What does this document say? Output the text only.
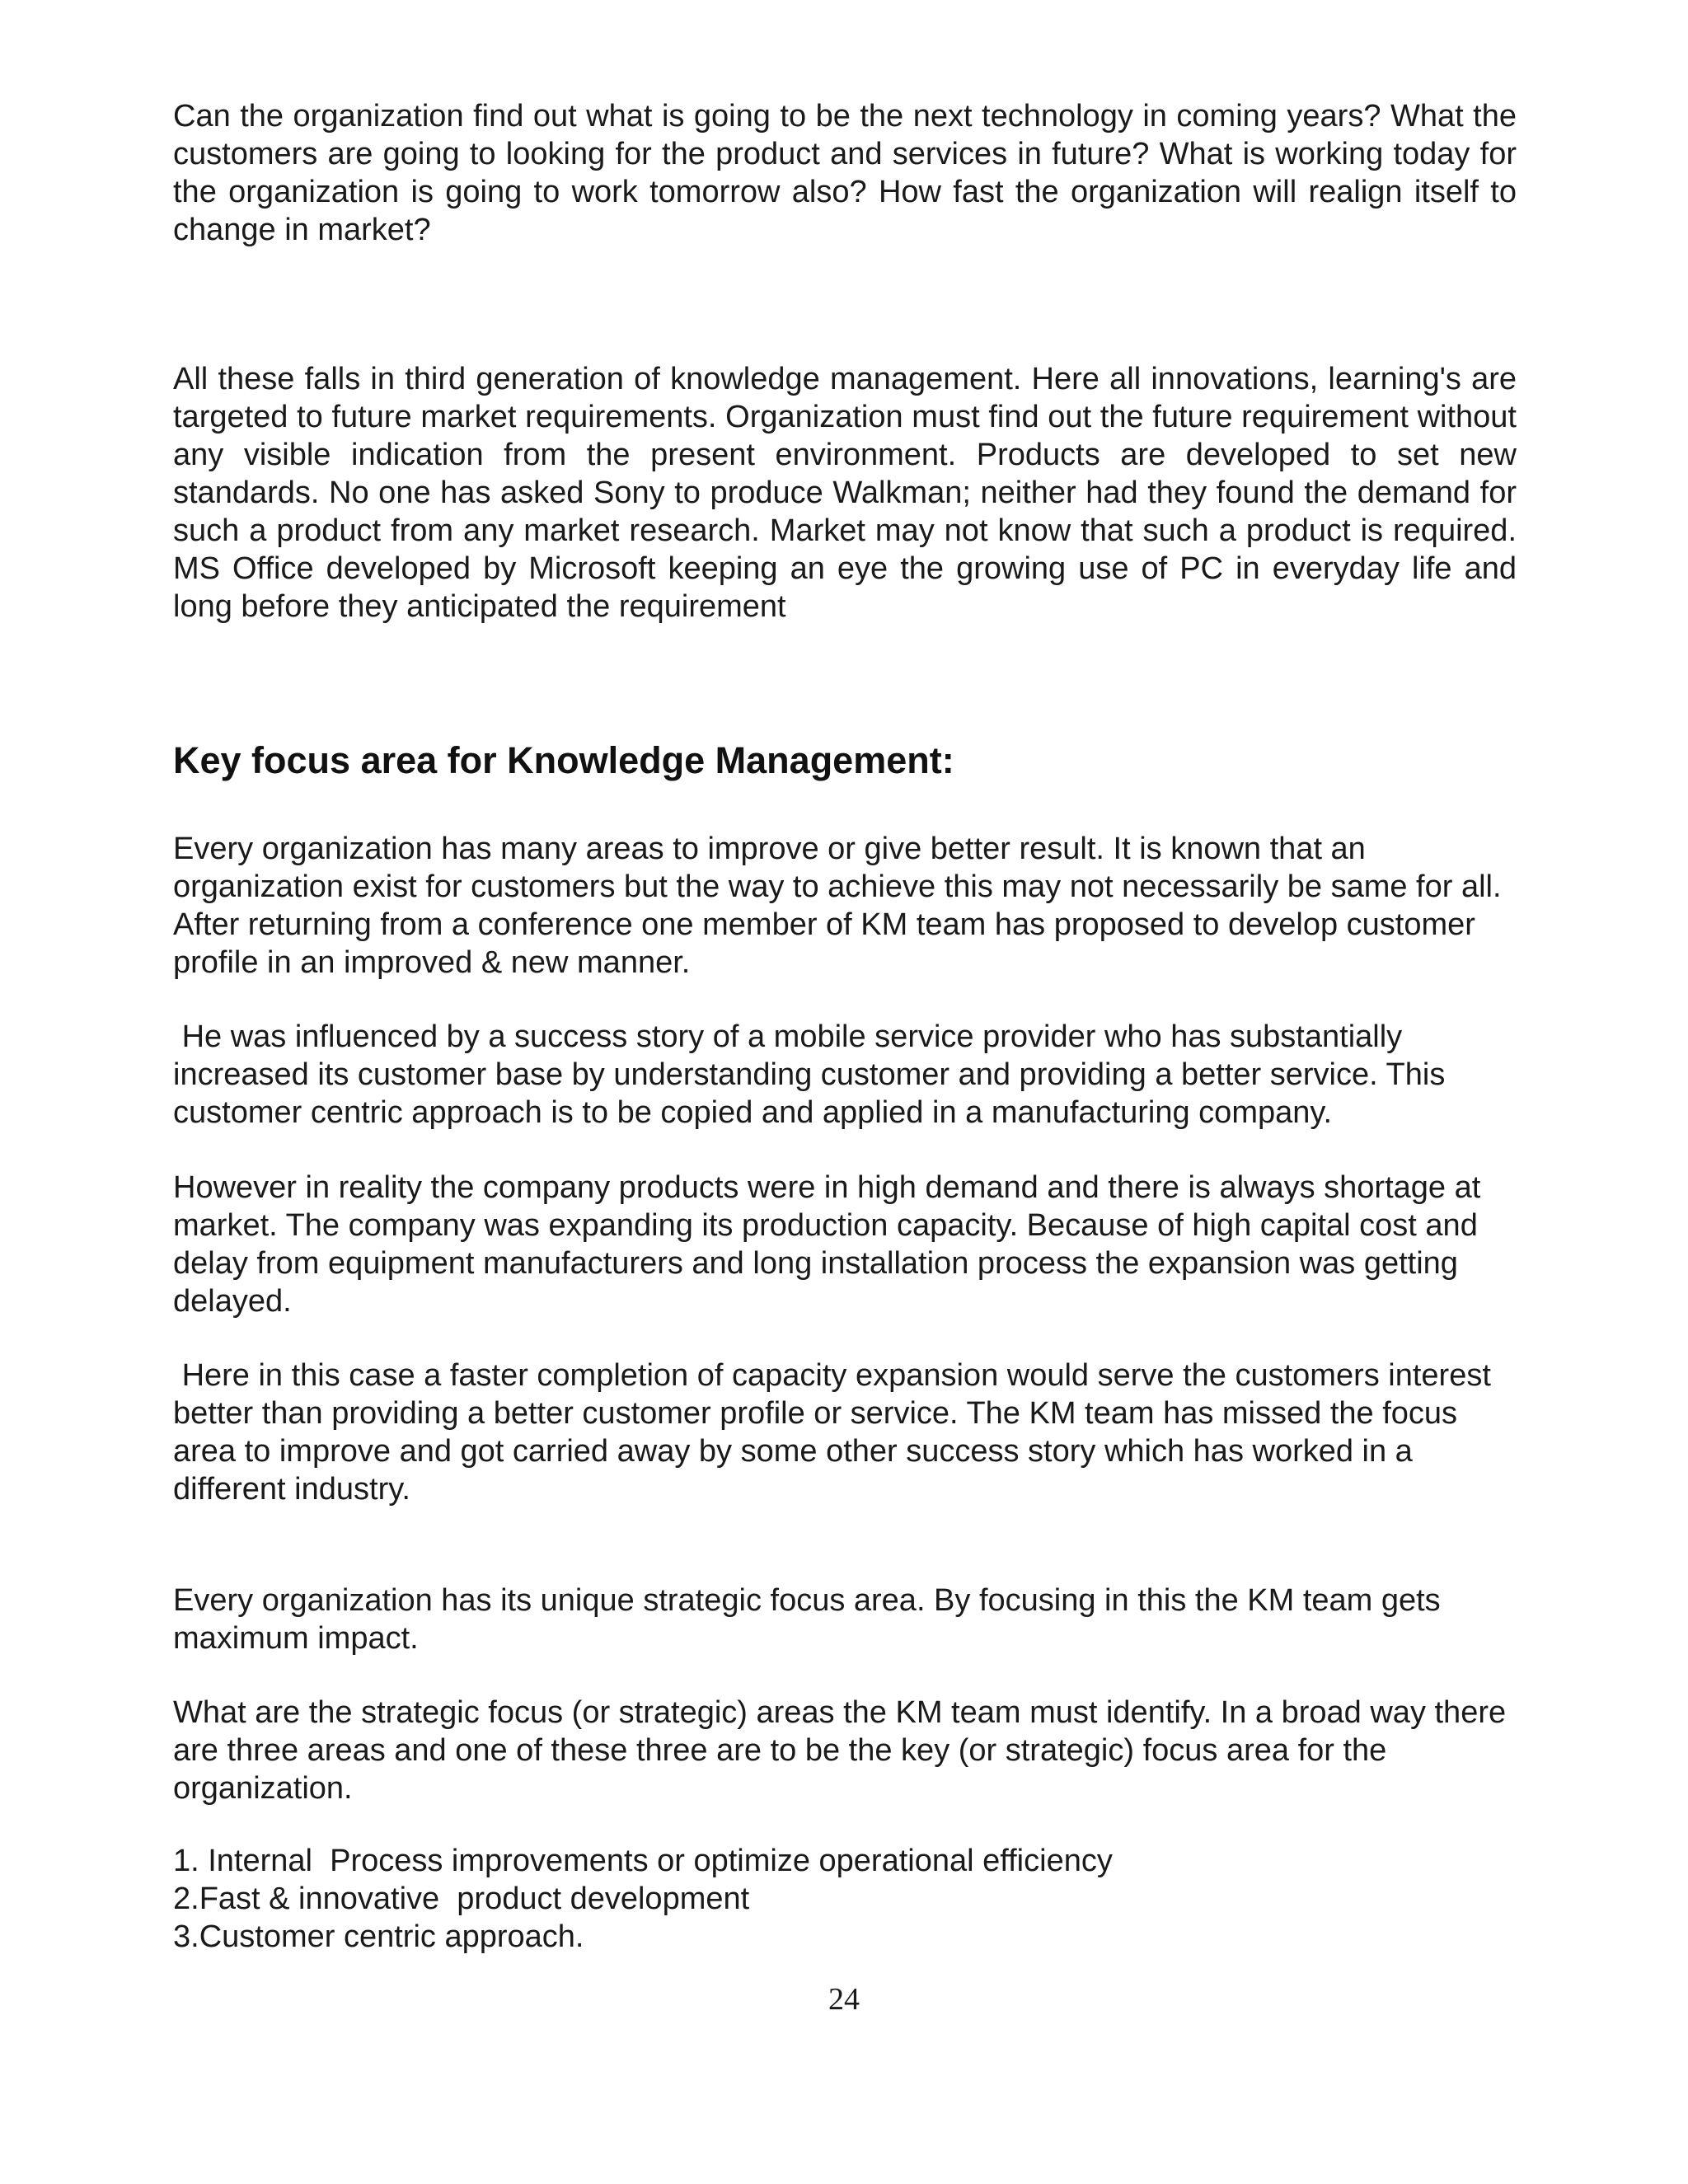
Can the organization find out what is going to be the next technology in coming years? What the customers are going to looking for the product and services in future? What is working today for the organization is going to work tomorrow also? How fast the organization will realign itself to change in market?

All these falls in third generation of knowledge management. Here all innovations, learning's are targeted to future market requirements. Organization must find out the future requirement without any visible indication from the present environment. Products are developed to set new standards. No one has asked Sony to produce Walkman; neither had they found the demand for such a product from any market research. Market may not know that such a product is required. MS Office developed by Microsoft keeping an eye the growing use of PC in everyday life and long before they anticipated the requirement

Key focus area for Knowledge Management:

Every organization has many areas to improve or give better result. It is known that an organization exist for customers but the way to achieve this may not necessarily be same for all. After returning from a conference one member of KM team has proposed to develop customer profile in an improved & new manner.

He was influenced by a success story of a mobile service provider who has substantially increased its customer base by understanding customer and providing a better service. This customer centric approach is to be copied and applied in a manufacturing company.

However in reality the company products were in high demand and there is always shortage at market. The company was expanding its production capacity. Because of high capital cost and delay from equipment manufacturers and long installation process the expansion was getting delayed.

Here in this case a faster completion of capacity expansion would serve the customers interest better than providing a better customer profile or service. The KM team has missed the focus area to improve and got carried away by some other success story which has worked in a different industry.

Every organization has its unique strategic focus area. By focusing in this the KM team gets maximum impact.

What are the strategic focus (or strategic) areas the KM team must identify. In a broad way there are three areas and one of these three are to be the key (or strategic) focus area for the organization.

1. Internal  Process improvements or optimize operational efficiency
2.Fast & innovative  product development
3.Customer centric approach.
24
